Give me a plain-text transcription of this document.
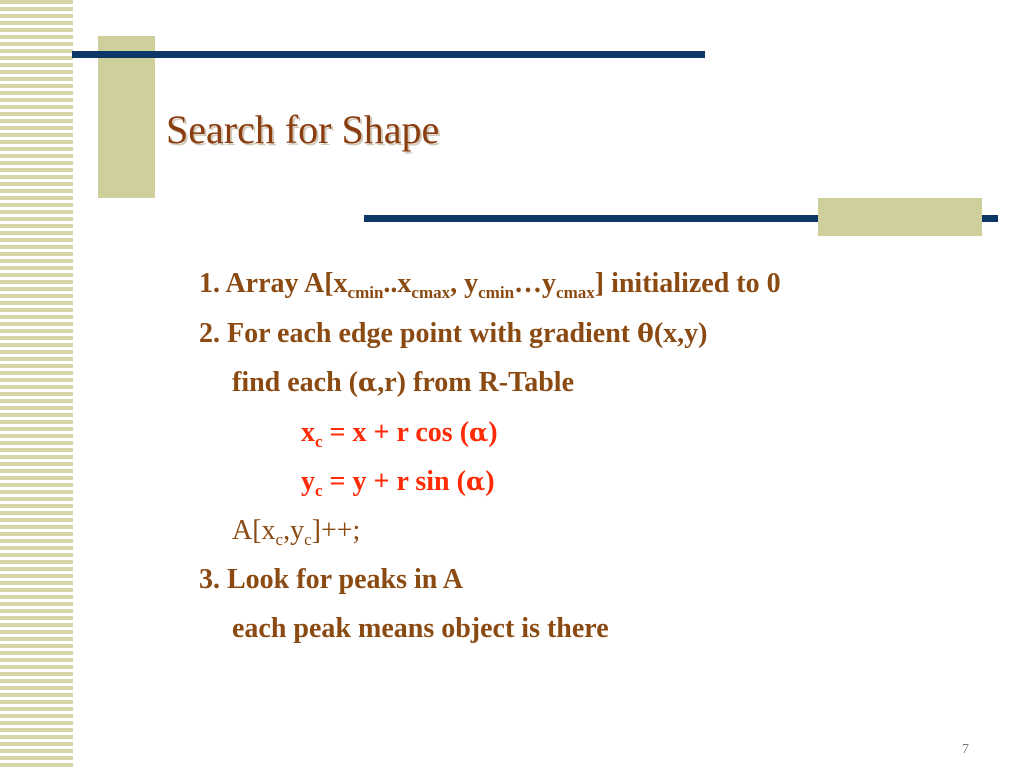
Search for Shape
1. Array $A[x_{cmin}..x_{cmax}$, $y_{cmin}\dots y_{cmax}$] initialized to 0
2. For each edge point with gradient θ(x,y)
find each (α,r) from R-Table
$x_c = x + r$ cos (α)
$y_c = y + r$ sin (α)
$A[x_c,y_c]++$;
3. Look for peaks in A
each peak means object is there
7
